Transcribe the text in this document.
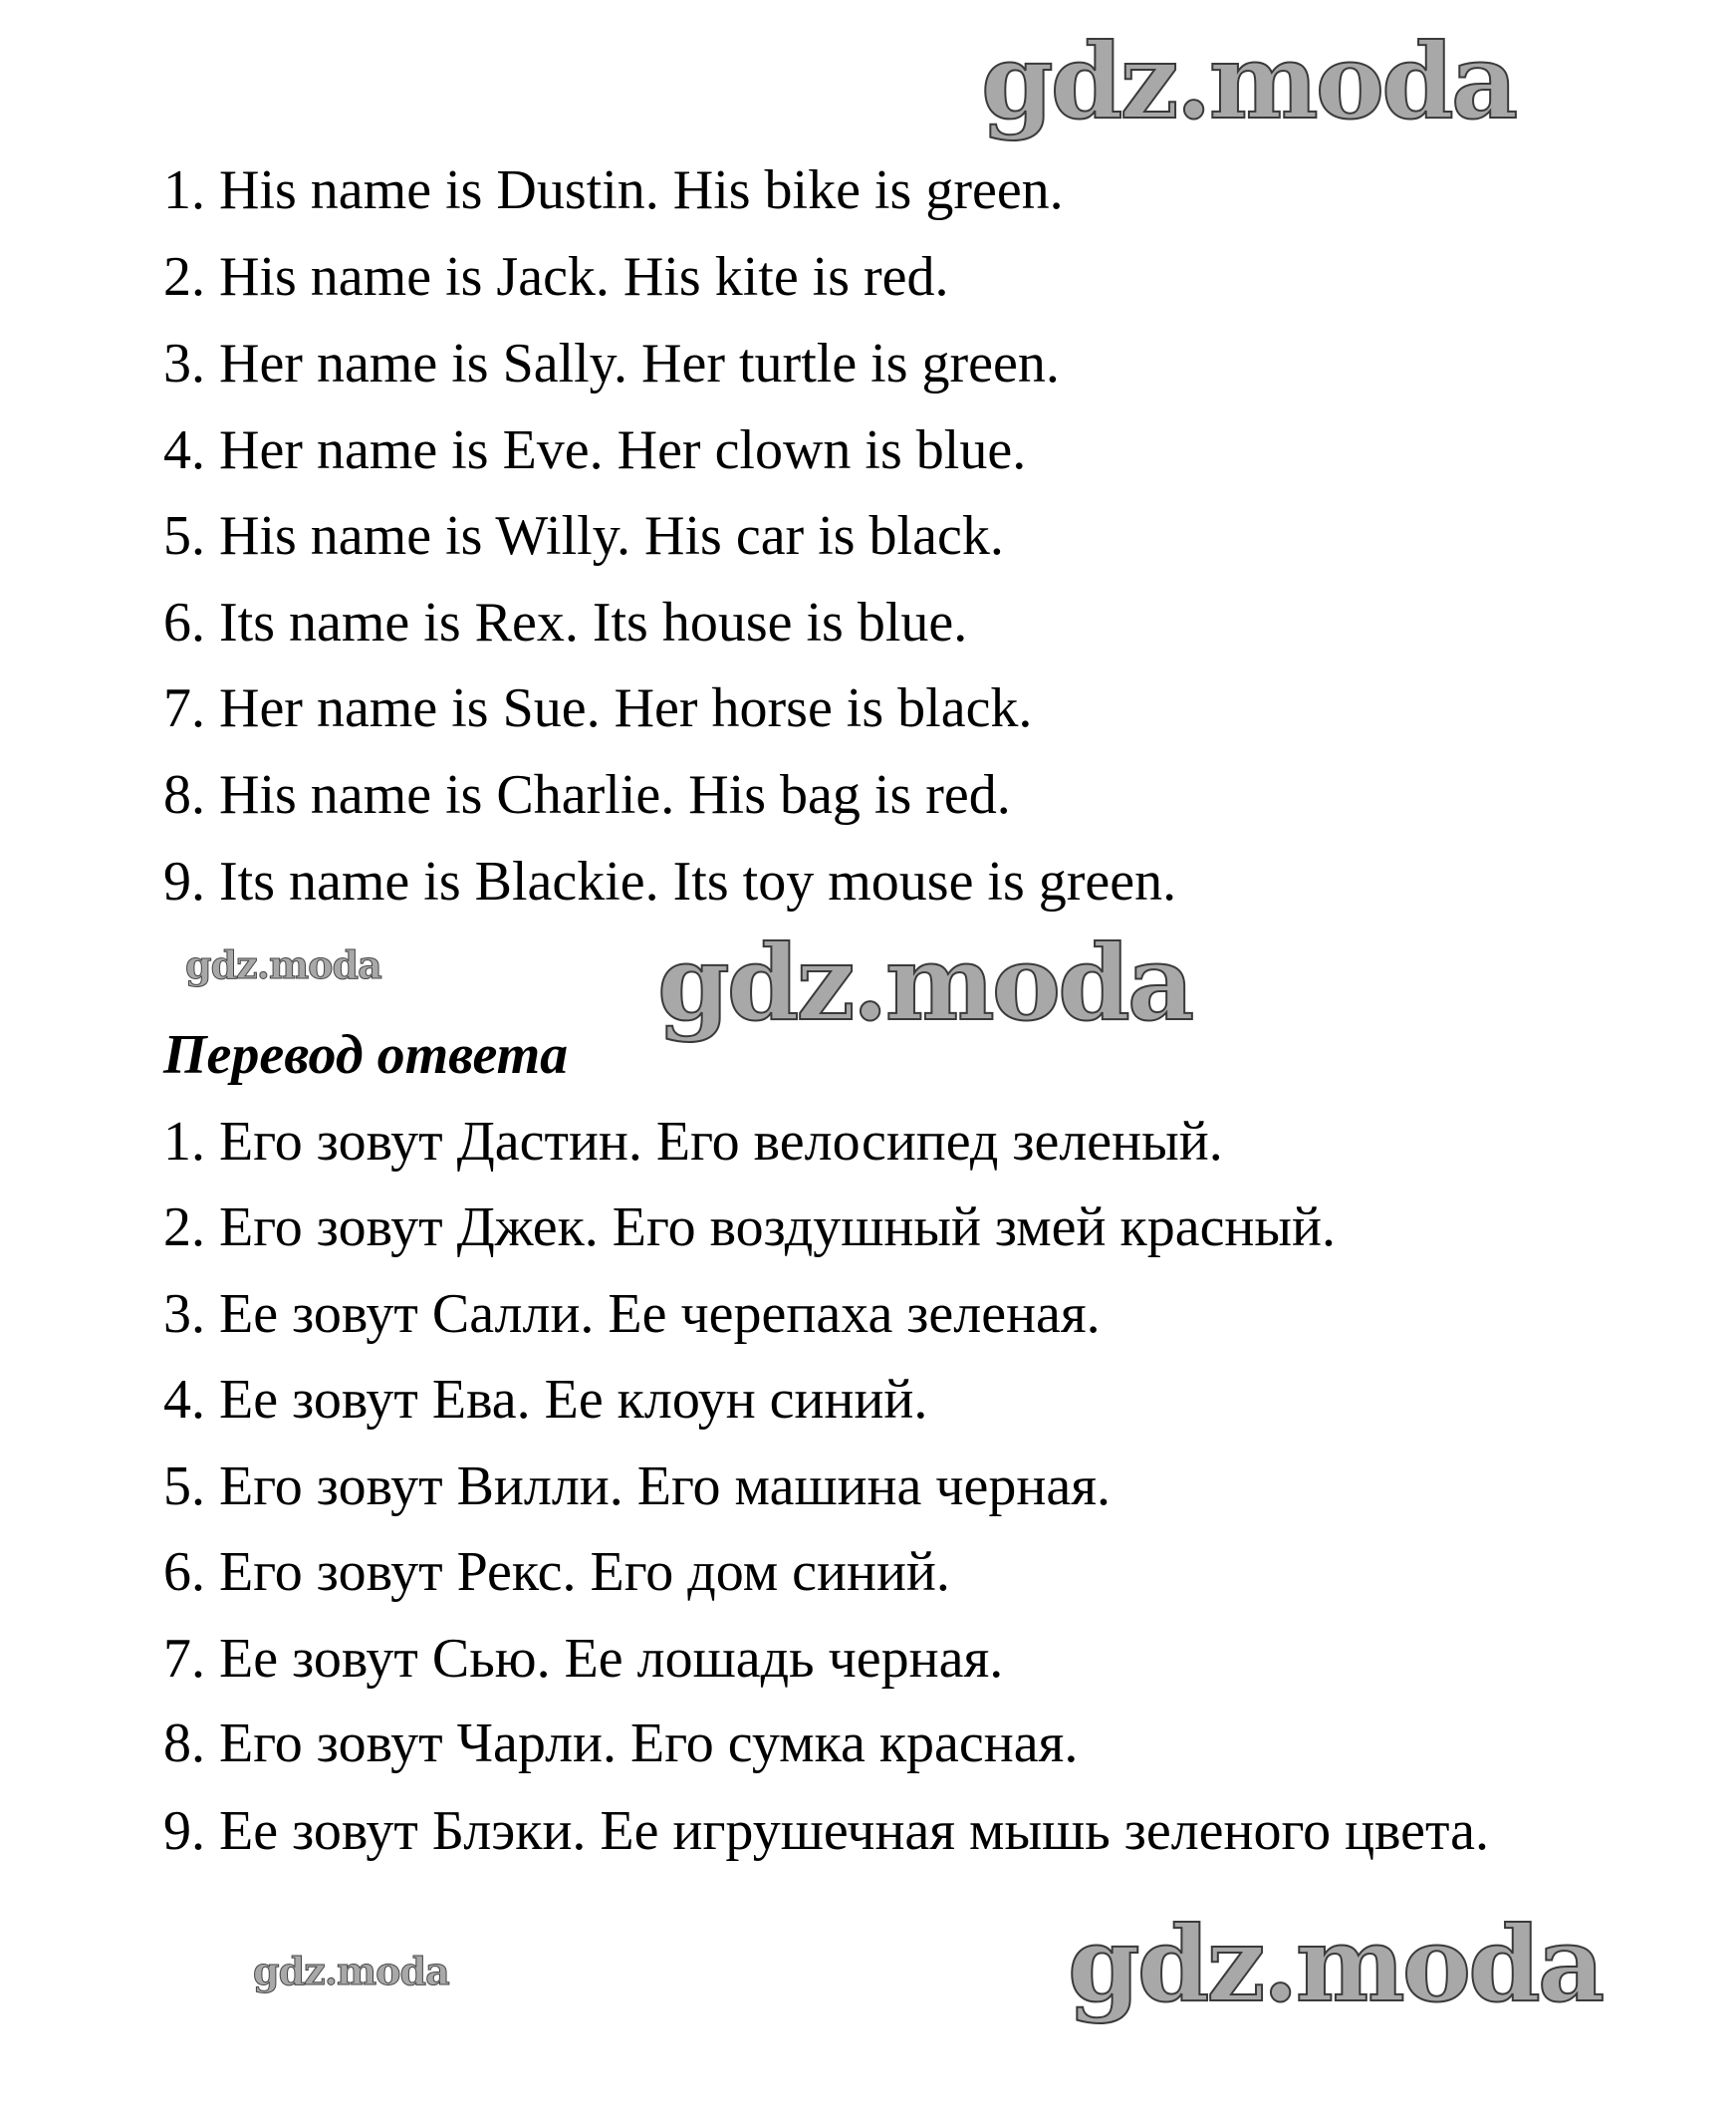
1. His name is Dustin. His bike is green.
2. His name is Jack. His kite is red.
3. Her name is Sally. Her turtle is green.
4. Her name is Eve. Her clown is blue.
5. His name is Willy. His car is black.
6. Its name is Rex. Its house is blue.
7. Her name is Sue. Her horse is black.
8. His name is Charlie. His bag is red.
9. Its name is Blackie. Its toy mouse is green.
Перевод ответа
1. Его зовут Дастин. Его велосипед зеленый.
2. Его зовут Джек. Его воздушный змей красный.
3. Ее зовут Салли. Ее черепаха зеленая.
4. Ее зовут Ева. Ее клоун синий.
5. Его зовут Вилли. Его машина черная.
6. Его зовут Рекс. Его дом синий.
7. Ее зовут Сью. Ее лошадь черная.
8. Его зовут Чарли. Его сумка красная.
9. Ее зовут Блэки. Ее игрушечная мышь зеленого цвета.
gdz.moda
gdz.moda	gdz.moda
gdz.moda	gdz.moda
